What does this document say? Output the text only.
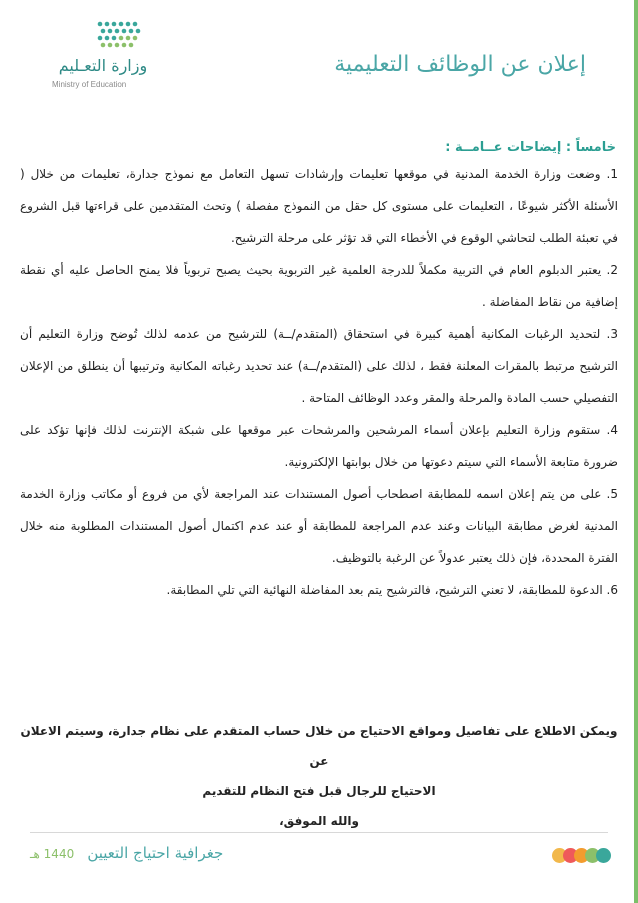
وزارة التعـليم
Ministry of Education
إعلان عن الوظائف التعليمية
خامساً : إيضاحات عــامــة :

1. وضعت وزارة الخدمة المدنية في موقعها تعليمات وإرشادات تسهل التعامل مع نموذج جدارة، تعليمات من خلال ( الأسئلة الأكثر شيوعًا ، التعليمات على مستوى كل حقل من النموذج مفصلة ) وتحث المتقدمين على قراءتها قبل الشروع في تعبئة الطلب لتحاشي الوقوع في الأخطاء التي قد تؤثر على مرحلة الترشيح.

2. يعتبر الدبلوم العام في التربية مكملاً للدرجة العلمية غير التربوية بحيث يصبح تربوياً فلا يمنح الحاصل عليه أي نقطة إضافية من نقاط المفاضلة .

3. لتحديد الرغبات المكانية أهمية كبيرة في استحقاق (المتقدم/ــة) للترشيح من عدمه لذلك تُوضح وزارة التعليم أن الترشيح مرتبط بالمقرات المعلنة فقط ، لذلك على (المتقدم/ــة) عند تحديد رغباته المكانية وترتيبها أن ينطلق من الإعلان التفصيلي حسب المادة والمرحلة والمقر وعدد الوظائف المتاحة .

4. ستقوم وزارة التعليم بإعلان أسماء المرشحين والمرشحات عبر موقعها على شبكة الإنترنت لذلك فإنها تؤكد على ضرورة متابعة الأسماء التي سيتم دعوتها من خلال بوابتها الإلكترونية.

5. على من يتم إعلان اسمه للمطابقة اصطحاب أصول المستندات عند المراجعة لأي من فروع أو مكاتب وزارة الخدمة المدنية لغرض مطابقة البيانات وعند عدم المراجعة للمطابقة أو عند عدم اكتمال أصول المستندات المطلوبة منه خلال الفترة المحددة، فإن ذلك يعتبر عدولاً عن الرغبة بالتوظيف.

6. الدعوة للمطابقة، لا تعني الترشيح، فالترشيح يتم بعد المفاضلة النهائية التي تلي المطابقة.

ويمكن الاطلاع على تفاصيل ومواقع الاحتياج من خلال حساب المتقدم على نظام جدارة، وسيتم الاعلان عن
الاحتياج للرجال قبل فتح النظام للتقديم
والله الموفق،
جغرافية احتياج التعيين 1440 هـ
